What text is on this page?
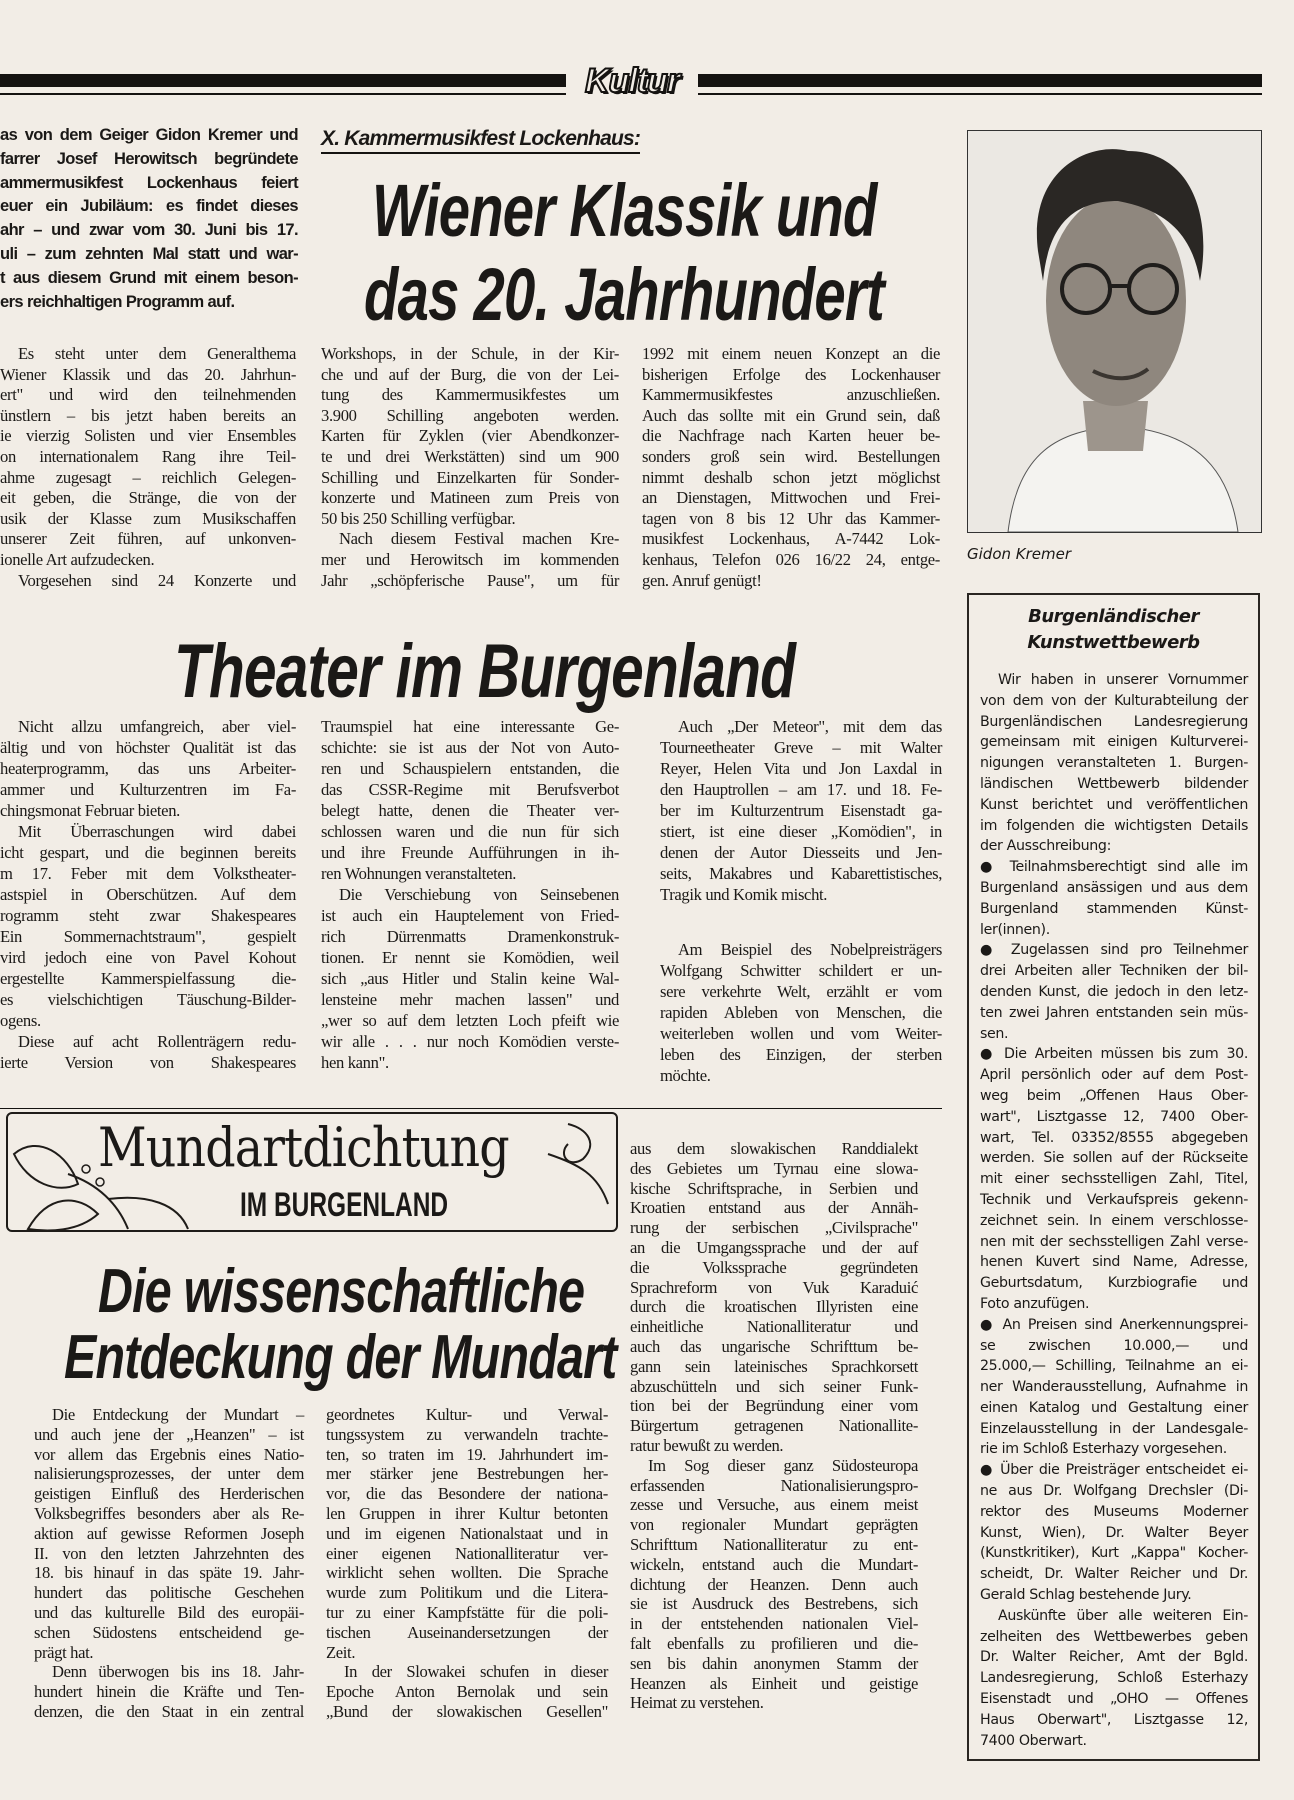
Kultur
X. Kammermusikfest Lockenhaus:
Wiener Klassik und
das 20. Jahrhundert
as von dem Geiger Gidon Kremer und
farrer Josef Herowitsch begründete
ammermusikfest Lockenhaus feiert
euer ein Jubiläum: es findet dieses
ahr – und zwar vom 30. Juni bis 17.
uli – zum zehnten Mal statt und war-
t aus diesem Grund mit einem beson-
ers reichhaltigen Programm auf.
Es steht unter dem Generalthema
Wiener Klassik und das 20. Jahrhun-
ert" und wird den teilnehmenden
ünstlern – bis jetzt haben bereits an
ie vierzig Solisten und vier Ensembles
on internationalem Rang ihre Teil-
ahme zugesagt – reichlich Gelegen-
eit geben, die Stränge, die von der
usik der Klasse zum Musikschaffen
unserer Zeit führen, auf unkonven-
ionelle Art aufzudecken.
Vorgesehen sind 24 Konzerte und
Workshops, in der Schule, in der Kir-
che und auf der Burg, die von der Lei-
tung des Kammermusikfestes um
3.900 Schilling angeboten werden.
Karten für Zyklen (vier Abendkonzer-
te und drei Werkstätten) sind um 900
Schilling und Einzelkarten für Sonder-
konzerte und Matineen zum Preis von
50 bis 250 Schilling verfügbar.
Nach diesem Festival machen Kre-
mer und Herowitsch im kommenden
Jahr „schöpferische Pause", um für
1992 mit einem neuen Konzept an die
bisherigen Erfolge des Lockenhauser
Kammermusikfestes anzuschließen.
Auch das sollte mit ein Grund sein, daß
die Nachfrage nach Karten heuer be-
sonders groß sein wird. Bestellungen
nimmt deshalb schon jetzt möglichst
an Dienstagen, Mittwochen und Frei-
tagen von 8 bis 12 Uhr das Kammer-
musikfest Lockenhaus, A-7442 Lok-
kenhaus, Telefon 026 16/22 24, entge-
gen. Anruf genügt!
Gidon Kremer
Theater im Burgenland
Nicht allzu umfangreich, aber viel-
ältig und von höchster Qualität ist das
heaterprogramm, das uns Arbeiter-
ammer und Kulturzentren im Fa-
chingsmonat Februar bieten.
Mit Überraschungen wird dabei
icht gespart, und die beginnen bereits
m 17. Feber mit dem Volkstheater-
astspiel in Oberschützen. Auf dem
rogramm steht zwar Shakespeares
Ein Sommernachtstraum", gespielt
vird jedoch eine von Pavel Kohout
ergestellte Kammerspielfassung die-
es vielschichtigen Täuschung-Bilder-
ogens.
Diese auf acht Rollenträgern redu-
ierte Version von Shakespeares
Traumspiel hat eine interessante Ge-
schichte: sie ist aus der Not von Auto-
ren und Schauspielern entstanden, die
das CSSR-Regime mit Berufsverbot
belegt hatte, denen die Theater ver-
schlossen waren und die nun für sich
und ihre Freunde Aufführungen in ih-
ren Wohnungen veranstalteten.
Die Verschiebung von Seinsebenen
ist auch ein Hauptelement von Fried-
rich Dürrenmatts Dramenkonstruk-
tionen. Er nennt sie Komödien, weil
sich „aus Hitler und Stalin keine Wal-
lensteine mehr machen lassen" und
„wer so auf dem letzten Loch pfeift wie
wir alle . . . nur noch Komödien verste-
hen kann".
Auch „Der Meteor", mit dem das
Tourneetheater Greve – mit Walter
Reyer, Helen Vita und Jon Laxdal in
den Hauptrollen – am 17. und 18. Fe-
ber im Kulturzentrum Eisenstadt ga-
stiert, ist eine dieser „Komödien", in
denen der Autor Diesseits und Jen-
seits, Makabres und Kabarettistisches,
Tragik und Komik mischt.
Am Beispiel des Nobelpreisträgers
Wolfgang Schwitter schildert er un-
sere verkehrte Welt, erzählt er vom
rapiden Ableben von Menschen, die
weiterleben wollen und vom Weiter-
leben des Einzigen, der sterben
möchte.
Burgenländischer
Kunstwettbewerb
Wir haben in unserer Vornummer
von dem von der Kulturabteilung der
Burgenländischen Landesregierung
gemeinsam mit einigen Kulturverei-
nigungen veranstalteten 1. Burgen-
ländischen Wettbewerb bildender
Kunst berichtet und veröffentlichen
im folgenden die wichtigsten Details
der Ausschreibung:
● Teilnahmsberechtigt sind alle im
Burgenland ansässigen und aus dem
Burgenland stammenden Künst-
ler(innen).
● Zugelassen sind pro Teilnehmer
drei Arbeiten aller Techniken der bil-
denden Kunst, die jedoch in den letz-
ten zwei Jahren entstanden sein müs-
sen.
● Die Arbeiten müssen bis zum 30.
April persönlich oder auf dem Post-
weg beim „Offenen Haus Ober-
wart", Lisztgasse 12, 7400 Ober-
wart, Tel. 03352/8555 abgegeben
werden. Sie sollen auf der Rückseite
mit einer sechsstelligen Zahl, Titel,
Technik und Verkaufspreis gekenn-
zeichnet sein. In einem verschlosse-
nen mit der sechsstelligen Zahl verse-
henen Kuvert sind Name, Adresse,
Geburtsdatum, Kurzbiografie und
Foto anzufügen.
● An Preisen sind Anerkennungsprei-
se zwischen 10.000,— und
25.000,— Schilling, Teilnahme an ei-
ner Wanderausstellung, Aufnahme in
einen Katalog und Gestaltung einer
Einzelausstellung in der Landesgale-
rie im Schloß Esterhazy vorgesehen.
● Über die Preisträger entscheidet ei-
ne aus Dr. Wolfgang Drechsler (Di-
rektor des Museums Moderner
Kunst, Wien), Dr. Walter Beyer
(Kunstkritiker), Kurt „Kappa" Kocher-
scheidt, Dr. Walter Reicher und Dr.
Gerald Schlag bestehende Jury.
Auskünfte über alle weiteren Ein-
zelheiten des Wettbewerbes geben
Dr. Walter Reicher, Amt der Bgld.
Landesregierung, Schloß Esterhazy
Eisenstadt und „OHO — Offenes
Haus Oberwart", Lisztgasse 12,
7400 Oberwart.
Mundartdichtung
IM BURGENLAND
Die wissenschaftliche
Entdeckung der Mundart
Die Entdeckung der Mundart –
und auch jene der „Heanzen" – ist
vor allem das Ergebnis eines Natio-
nalisierungsprozesses, der unter dem
geistigen Einfluß des Herderischen
Volksbegriffes besonders aber als Re-
aktion auf gewisse Reformen Joseph
II. von den letzten Jahrzehnten des
18. bis hinauf in das späte 19. Jahr-
hundert das politische Geschehen
und das kulturelle Bild des europäi-
schen Südostens entscheidend ge-
prägt hat.
Denn überwogen bis ins 18. Jahr-
hundert hinein die Kräfte und Ten-
denzen, die den Staat in ein zentral
geordnetes Kultur- und Verwal-
tungssystem zu verwandeln trachte-
ten, so traten im 19. Jahrhundert im-
mer stärker jene Bestrebungen her-
vor, die das Besondere der nationa-
len Gruppen in ihrer Kultur betonten
und im eigenen Nationalstaat und in
einer eigenen Nationalliteratur ver-
wirklicht sehen wollten. Die Sprache
wurde zum Politikum und die Litera-
tur zu einer Kampfstätte für die poli-
tischen Auseinandersetzungen der
Zeit.
In der Slowakei schufen in dieser
Epoche Anton Bernolak und sein
„Bund der slowakischen Gesellen"
aus dem slowakischen Randdialekt
des Gebietes um Tyrnau eine slowa-
kische Schriftsprache, in Serbien und
Kroatien entstand aus der Annäh-
rung der serbischen „Civilsprache"
an die Umgangssprache und der auf
die Volkssprache gegründeten
Sprachreform von Vuk Karaduić
durch die kroatischen Illyristen eine
einheitliche Nationalliteratur und
auch das ungarische Schrifttum be-
gann sein lateinisches Sprachkorsett
abzuschütteln und sich seiner Funk-
tion bei der Begründung einer vom
Bürgertum getragenen Nationallite-
ratur bewußt zu werden.
Im Sog dieser ganz Südosteuropa
erfassenden Nationalisierungspro-
zesse und Versuche, aus einem meist
von regionaler Mundart geprägten
Schrifttum Nationalliteratur zu ent-
wickeln, entstand auch die Mundart-
dichtung der Heanzen. Denn auch
sie ist Ausdruck des Bestrebens, sich
in der entstehenden nationalen Viel-
falt ebenfalls zu profilieren und die-
sen bis dahin anonymen Stamm der
Heanzen als Einheit und geistige
Heimat zu verstehen.
